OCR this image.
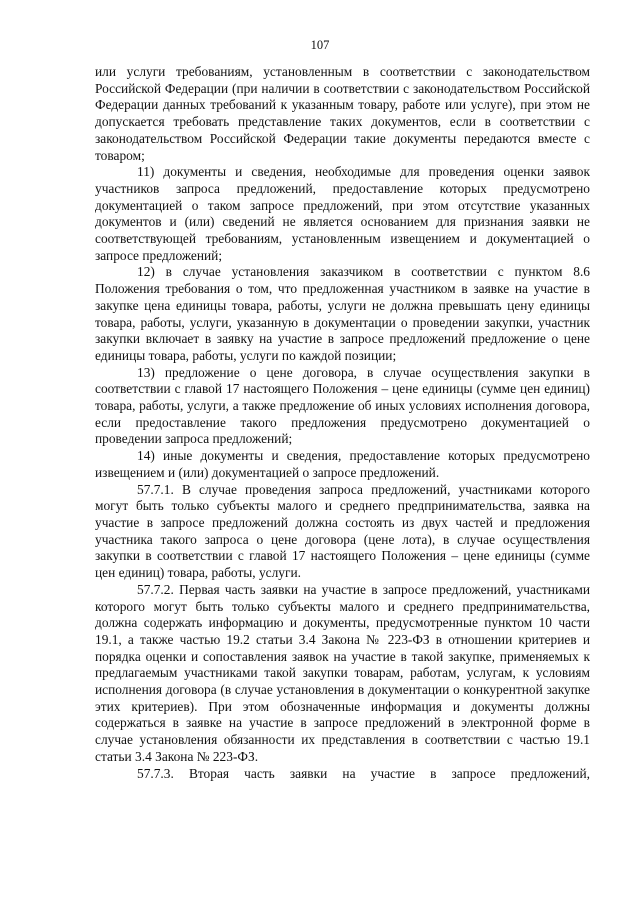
107

или услуги требованиям, установленным в соответствии с законодательством Российской Федерации (при наличии в соответствии с законодательством Российской Федерации данных требований к указанным товару, работе или услуге), при этом не допускается требовать представление таких документов, если в соответствии с законодательством Российской Федерации такие документы передаются вместе с товаром;

11) документы и сведения, необходимые для проведения оценки заявок участников запроса предложений, предоставление которых предусмотрено документацией о таком запросе предложений, при этом отсутствие указанных документов и (или) сведений не является основанием для признания заявки не соответствующей требованиям, установленным извещением и документацией о запросе предложений;

12) в случае установления заказчиком в соответствии с пунктом 8.6 Положения требования о том, что предложенная участником в заявке на участие в закупке цена единицы товара, работы, услуги не должна превышать цену единицы товара, работы, услуги, указанную в документации о проведении закупки, участник закупки включает в заявку на участие в запросе предложений предложение о цене единицы товара, работы, услуги по каждой позиции;

13) предложение о цене договора, в случае осуществления закупки в соответствии с главой 17 настоящего Положения – цене единицы (сумме цен единиц) товара, работы, услуги, а также предложение об иных условиях исполнения договора, если предоставление такого предложения предусмотрено документацией о проведении запроса предложений;

14) иные документы и сведения, предоставление которых предусмотрено извещением и (или) документацией о запросе предложений.

57.7.1. В случае проведения запроса предложений, участниками которого могут быть только субъекты малого и среднего предпринимательства, заявка на участие в запросе предложений должна состоять из двух частей и предложения участника такого запроса о цене договора (цене лота), в случае осуществления закупки в соответствии с главой 17 настоящего Положения – цене единицы (сумме цен единиц) товара, работы, услуги.

57.7.2. Первая часть заявки на участие в запросе предложений, участниками которого могут быть только субъекты малого и среднего предпринимательства, должна содержать информацию и документы, предусмотренные пунктом 10 части 19.1, а также частью 19.2 статьи 3.4 Закона № 223-ФЗ в отношении критериев и порядка оценки и сопоставления заявок на участие в такой закупке, применяемых к предлагаемым участниками такой закупки товарам, работам, услугам, к условиям исполнения договора (в случае установления в документации о конкурентной закупке этих критериев). При этом обозначенные информация и документы должны содержаться в заявке на участие в запросе предложений в электронной форме в случае установления обязанности их представления в соответствии с частью 19.1 статьи 3.4 Закона № 223-ФЗ.

57.7.3. Вторая часть заявки на участие в запросе предложений,
